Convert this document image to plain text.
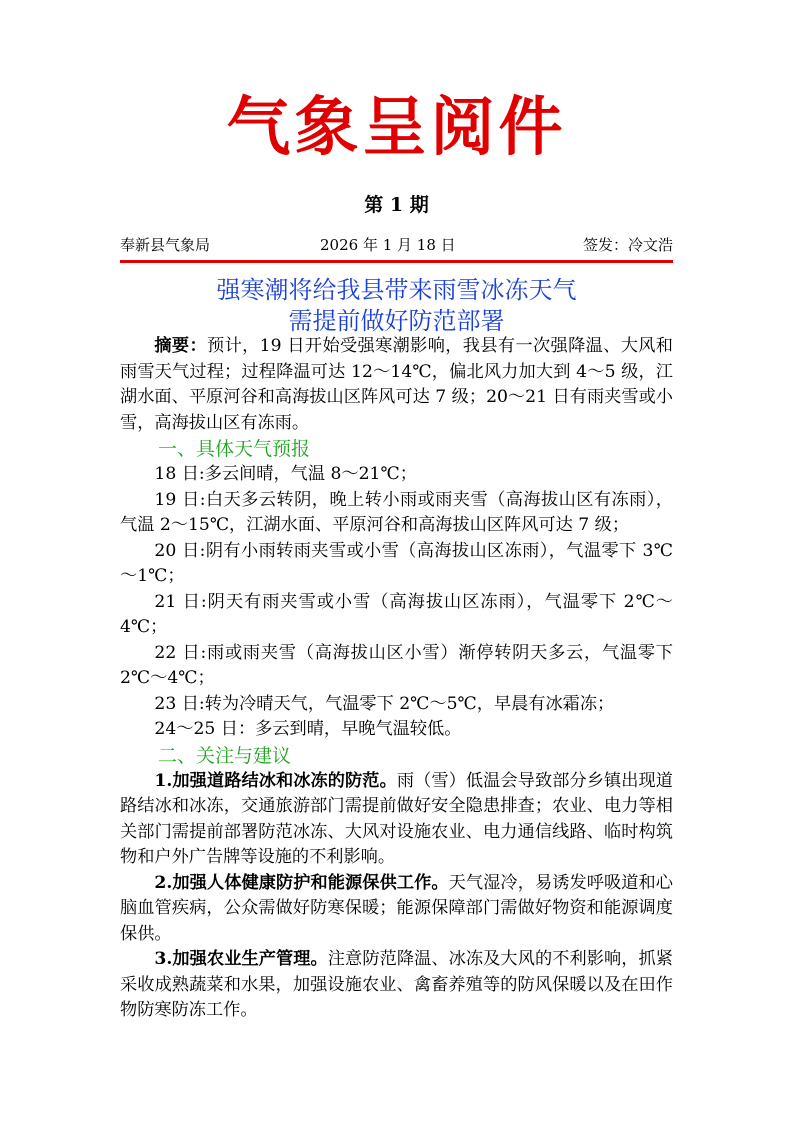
气象呈阅件
第 1 期
奉新县气象局	2026 年 1 月 18 日	签发：冷文浩
强寒潮将给我县带来雨雪冰冻天气
需提前做好防范部署

摘要：预计，19 日开始受强寒潮影响，我县有一次强降温、大风和雨雪天气过程；过程降温可达 12～14℃，偏北风力加大到 4～5 级，江湖水面、平原河谷和高海拔山区阵风可达 7 级；20～21 日有雨夹雪或小雪，高海拔山区有冻雨。

一、具体天气预报

18 日:多云间晴，气温 8～21℃；

19 日:白天多云转阴，晚上转小雨或雨夹雪（高海拔山区有冻雨），气温 2～15℃，江湖水面、平原河谷和高海拔山区阵风可达 7 级；

20 日:阴有小雨转雨夹雪或小雪（高海拔山区冻雨），气温零下 3℃～1℃；

21 日:阴天有雨夹雪或小雪（高海拔山区冻雨），气温零下 2℃～4℃；

22 日:雨或雨夹雪（高海拔山区小雪）渐停转阴天多云，气温零下 2℃～4℃；

23 日:转为冷晴天气，气温零下 2℃～5℃，早晨有冰霜冻；

24～25 日：多云到晴，早晚气温较低。

二、关注与建议

1.加强道路结冰和冰冻的防范。雨（雪）低温会导致部分乡镇出现道路结冰和冰冻，交通旅游部门需提前做好安全隐患排查；农业、电力等相关部门需提前部署防范冰冻、大风对设施农业、电力通信线路、临时构筑物和户外广告牌等设施的不利影响。

2.加强人体健康防护和能源保供工作。天气湿冷，易诱发呼吸道和心脑血管疾病，公众需做好防寒保暖；能源保障部门需做好物资和能源调度保供。

3.加强农业生产管理。注意防范降温、冰冻及大风的不利影响，抓紧采收成熟蔬菜和水果，加强设施农业、禽畜养殖等的防风保暖以及在田作物防寒防冻工作。
